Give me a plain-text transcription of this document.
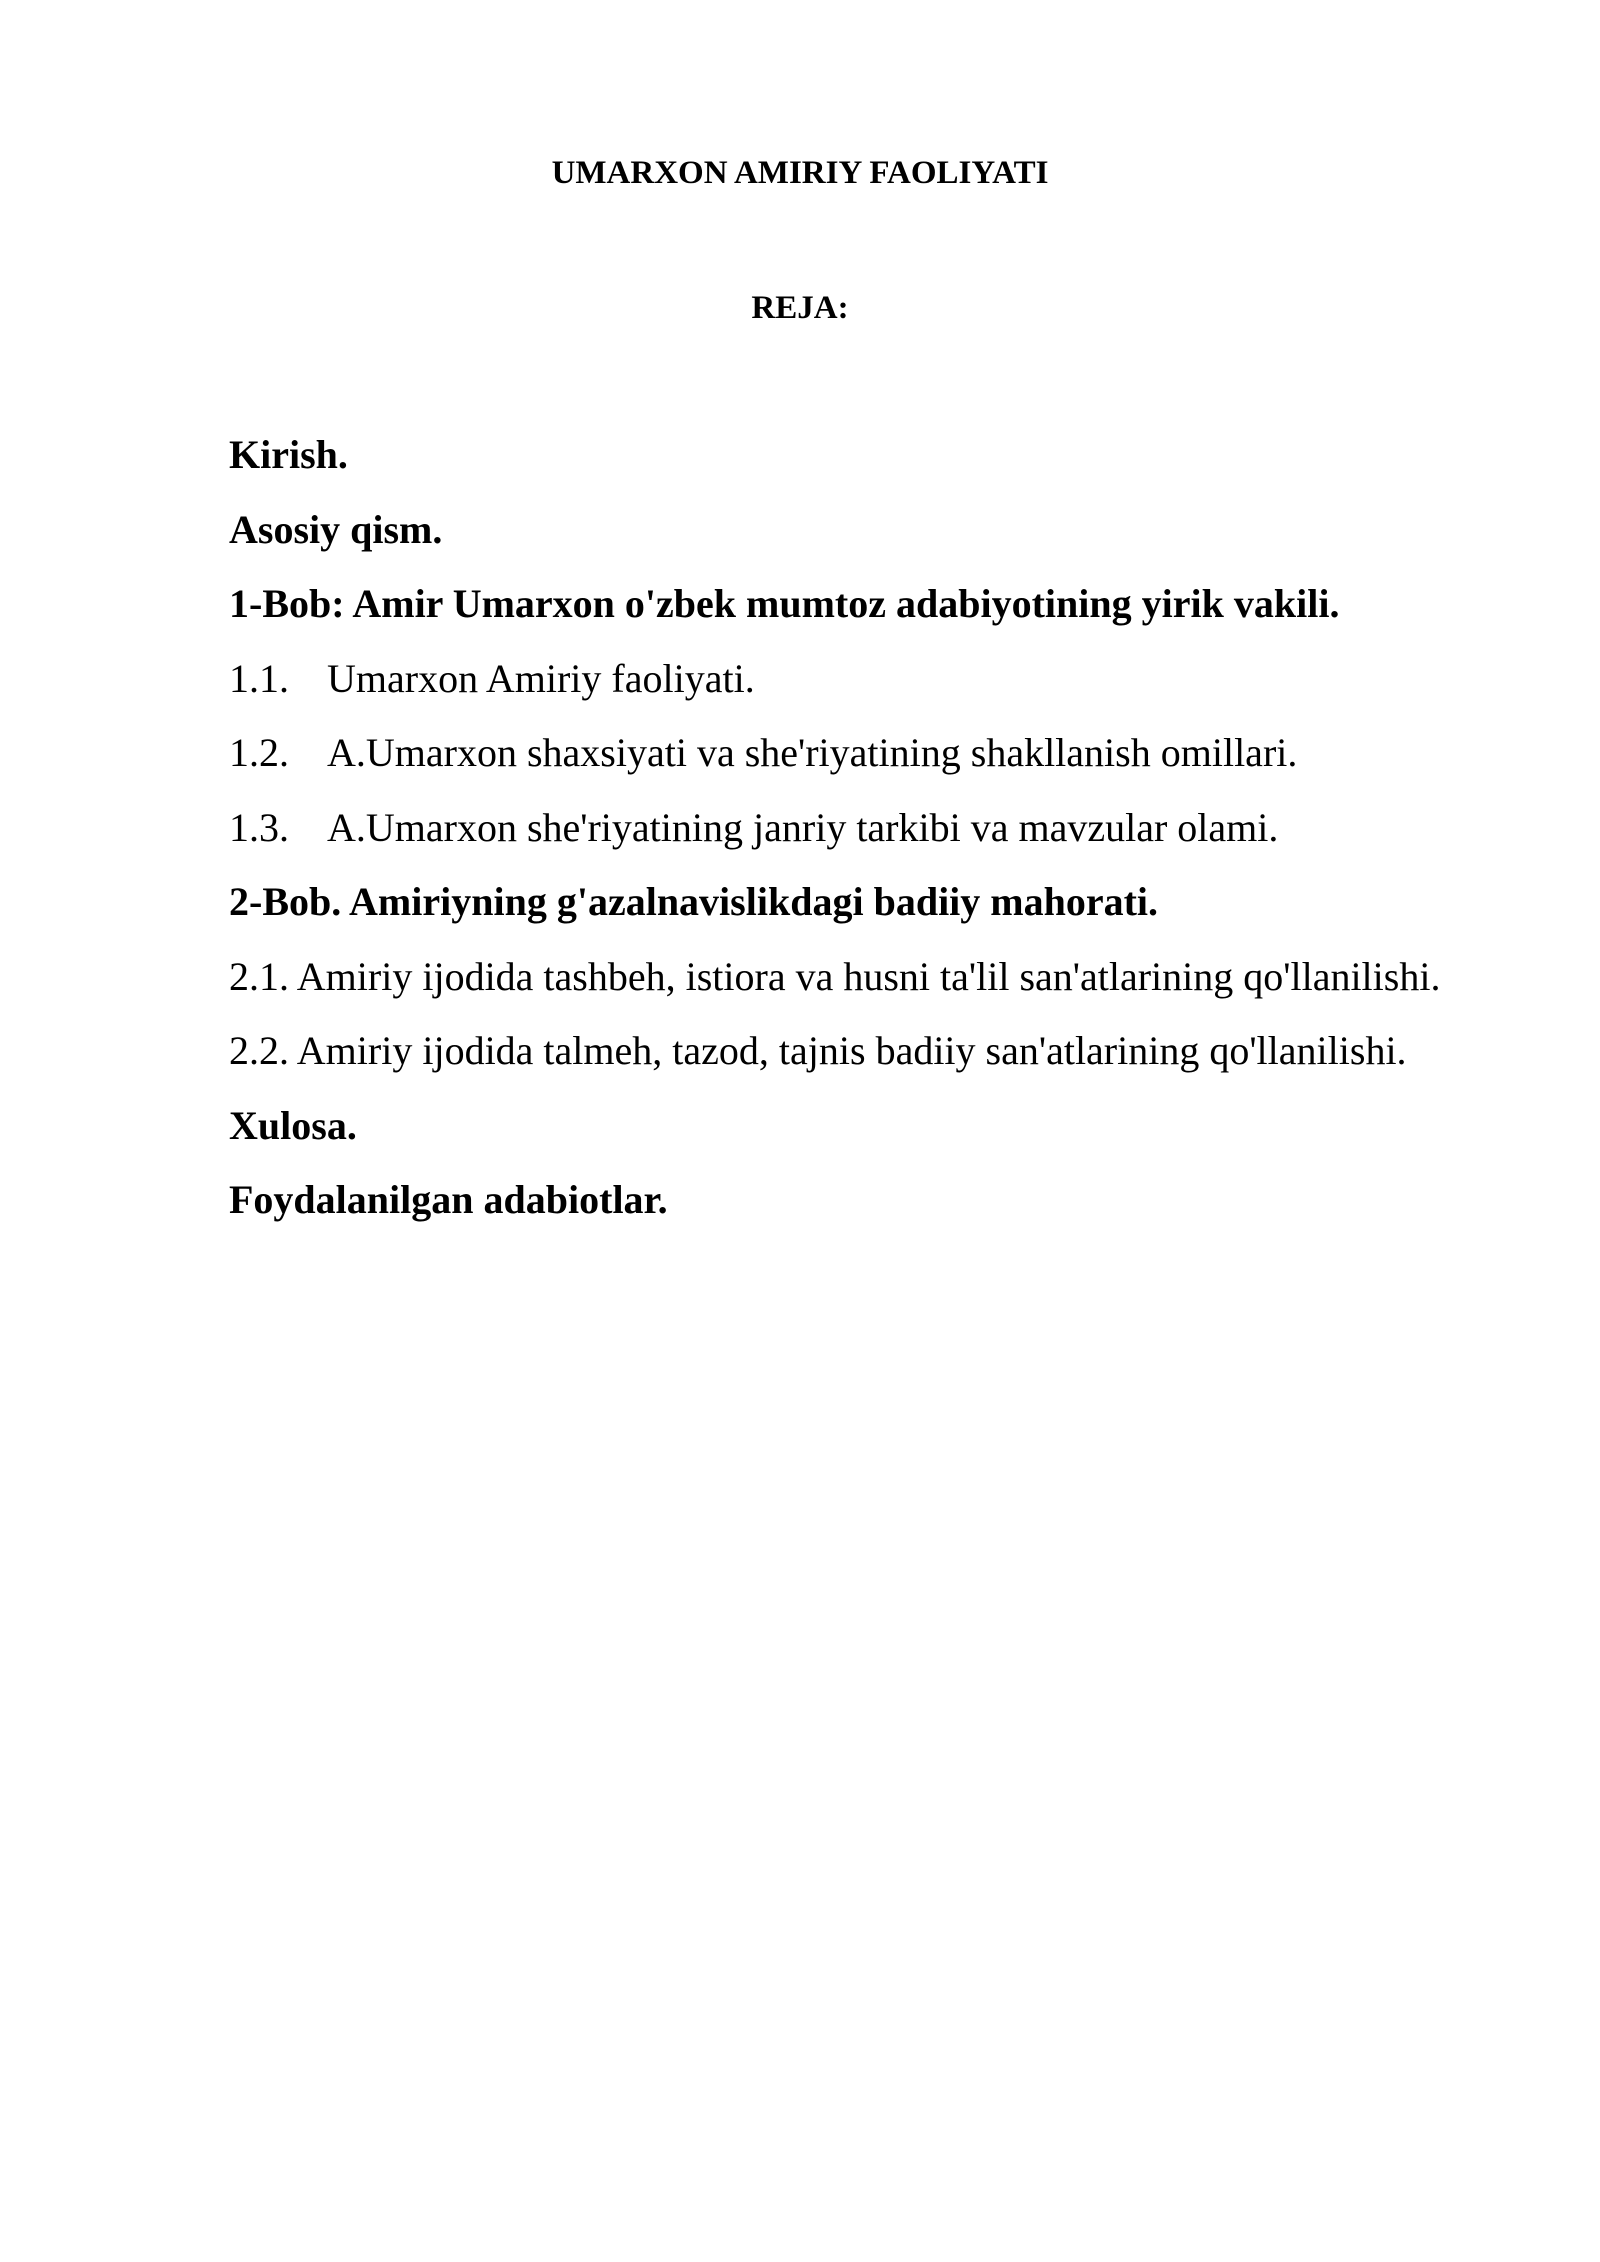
UMARXON AMIRIY FAOLIYATI
REJA:

Kirish.

Asosiy qism.

1-Bob: Amir Umarxon o'zbek mumtoz adabiyotining yirik vakili.

1.1. Umarxon Amiriy faoliyati.

1.2. A.Umarxon shaxsiyati va she'riyatining shakllanish omillari.

1.3. A.Umarxon she'riyatining janriy tarkibi va mavzular olami.

2-Bob. Amiriyning g'azalnavislikdagi badiiy mahorati.

2.1. Amiriy ijodida tashbeh, istiora va husni ta'lil san'atlarining qo'llanilishi.

2.2. Amiriy ijodida talmeh, tazod, tajnis badiiy san'atlarining qo'llanilishi.

Xulosa.

Foydalanilgan adabiotlar.
